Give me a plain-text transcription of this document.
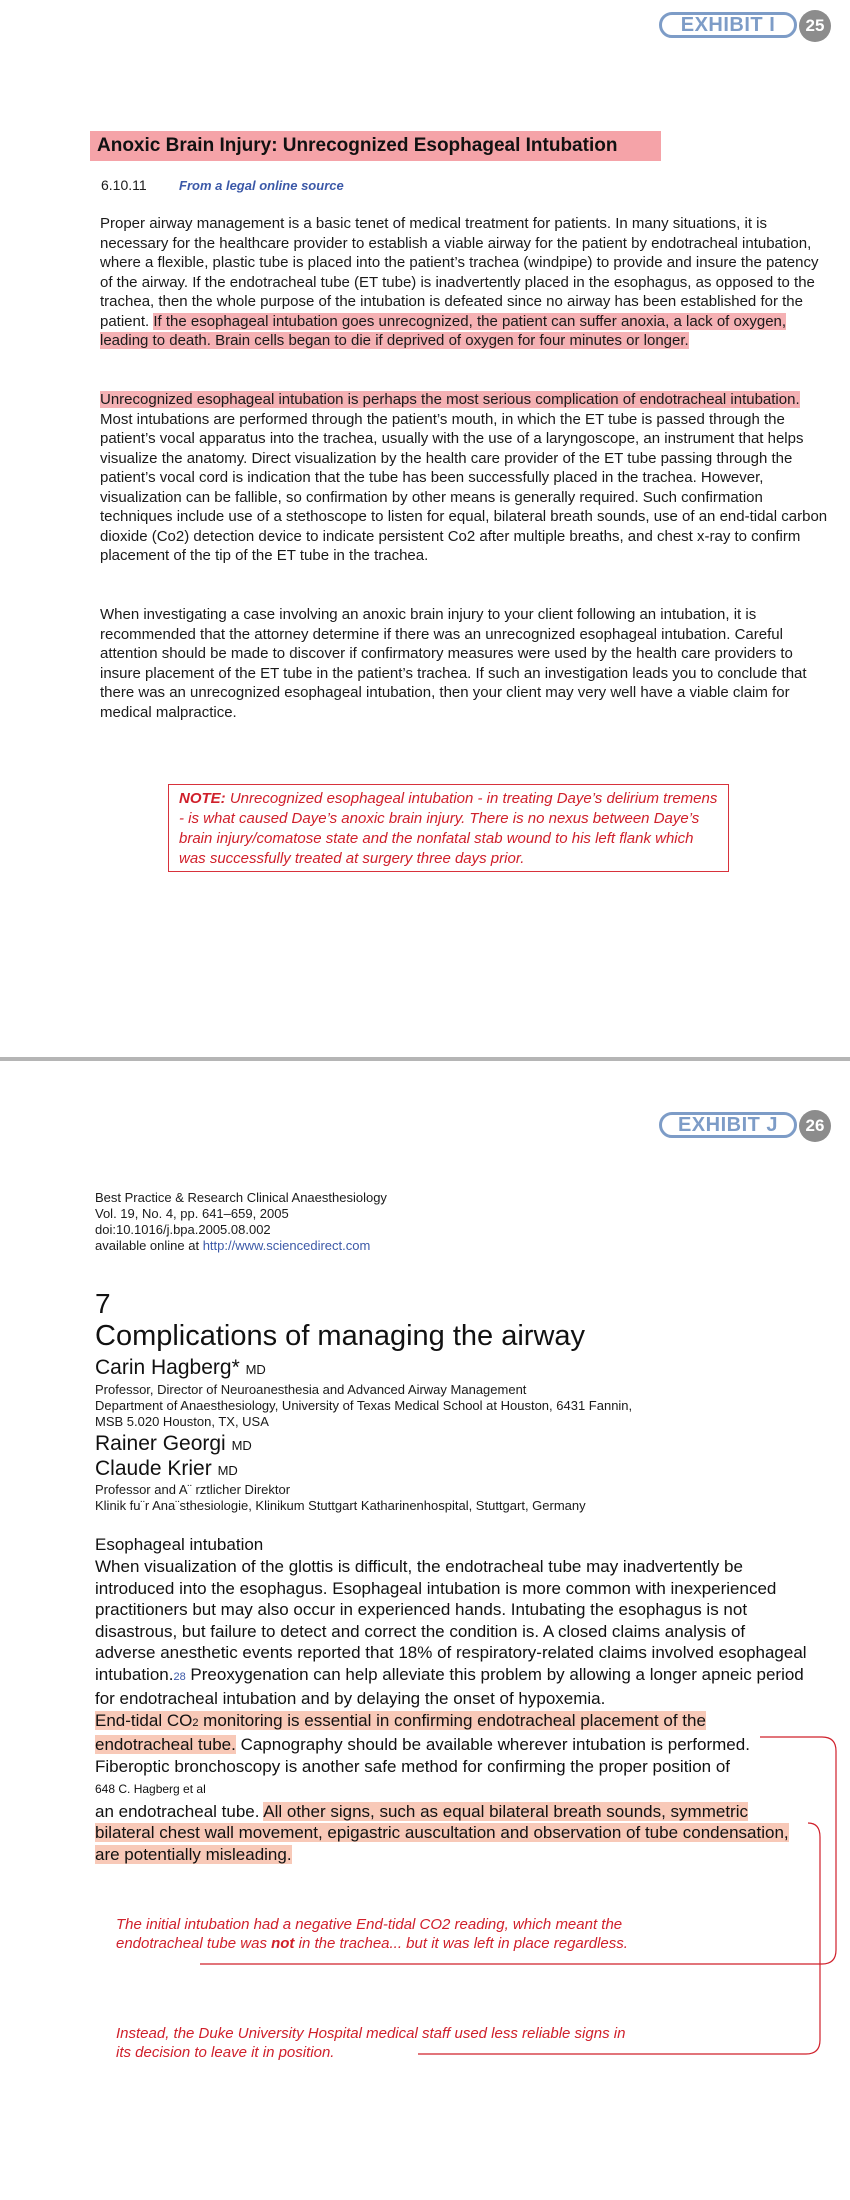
EXHIBIT I	25
Anoxic Brain Injury: Unrecognized Esophageal Intubation
6.10.11 From a legal online source

Proper airway management is a basic tenet of medical treatment for patients. In many situations, it is necessary for the healthcare provider to establish a viable airway for the patient by endotracheal intubation, where a flexible, plastic tube is placed into the patient’s trachea (windpipe) to provide and insure the patency of the airway. If the endotracheal tube (ET tube) is inadvertently placed in the esophagus, as opposed to the trachea, then the whole purpose of the intubation is defeated since no airway has been established for the patient. If the esophageal intubation goes unrecognized, the patient can suffer anoxia, a lack of oxygen, leading to death. Brain cells began to die if deprived of oxygen for four minutes or longer.

Unrecognized esophageal intubation is perhaps the most serious complication of endotracheal intubation. Most intubations are performed through the patient’s mouth, in which the ET tube is passed through the patient’s vocal apparatus into the trachea, usually with the use of a laryngoscope, an instrument that helps visualize the anatomy. Direct visualization by the health care provider of the ET tube passing through the patient’s vocal cord is indication that the tube has been successfully placed in the trachea. However, visualization can be fallible, so confirmation by other means is generally required. Such confirmation techniques include use of a stethoscope to listen for equal, bilateral breath sounds, use of an end-tidal carbon dioxide (Co2) detection device to indicate persistent Co2 after multiple breaths, and chest x-ray to confirm placement of the tip of the ET tube in the trachea.

When investigating a case involving an anoxic brain injury to your client following an intubation, it is recommended that the attorney determine if there was an unrecognized esophageal intubation. Careful attention should be made to discover if confirmatory measures were used by the health care providers to insure placement of the ET tube in the patient’s trachea. If such an investigation leads you to conclude that there was an unrecognized esophageal intubation, then your client may very well have a viable claim for medical malpractice.

NOTE: Unrecognized esophageal intubation - in treating Daye’s delirium tremens - is what caused Daye’s anoxic brain injury. There is no nexus between Daye’s brain injury/comatose state and the nonfatal stab wound to his left flank which was successfully treated at surgery three days prior.
EXHIBIT J	26
Best Practice & Research Clinical Anaesthesiology
Vol. 19, No. 4, pp. 641–659, 2005
doi:10.1016/j.bpa.2005.08.002
available online at http://www.sciencedirect.com
7
Complications of managing the airway
Carin Hagberg* MD
Professor, Director of Neuroanesthesia and Advanced Airway Management
Department of Anaesthesiology, University of Texas Medical School at Houston, 6431 Fannin,
MSB 5.020 Houston, TX, USA
Rainer Georgi MD
Claude Krier MD
Professor and A¨ rztlicher Direktor
Klinik fu¨r Ana¨sthesiologie, Klinikum Stuttgart Katharinenhospital, Stuttgart, Germany
Esophageal intubation

When visualization of the glottis is difficult, the endotracheal tube may inadvertently be introduced into the esophagus. Esophageal intubation is more common with inexperienced practitioners but may also occur in experienced hands. Intubating the esophagus is not disastrous, but failure to detect and correct the condition is. A closed claims analysis of adverse anesthetic events reported that 18% of respiratory-related claims involved esophageal intubation.28 Preoxygenation can help alleviate this problem by allowing a longer apneic period for endotracheal intubation and by delaying the onset of hypoxemia.
End-tidal CO2 monitoring is essential in confirming endotracheal placement of the endotracheal tube. Capnography should be available wherever intubation is performed. Fiberoptic bronchoscopy is another safe method for confirming the proper position of
648 C. Hagberg et al
an endotracheal tube. All other signs, such as equal bilateral breath sounds, symmetric bilateral chest wall movement, epigastric auscultation and observation of tube condensation, are potentially misleading.

The initial intubation had a negative End-tidal CO2 reading, which meant the endotracheal tube was not in the trachea... but it was left in place regardless.
Instead, the Duke University Hospital medical staff used less reliable signs in its decision to leave it in position.
